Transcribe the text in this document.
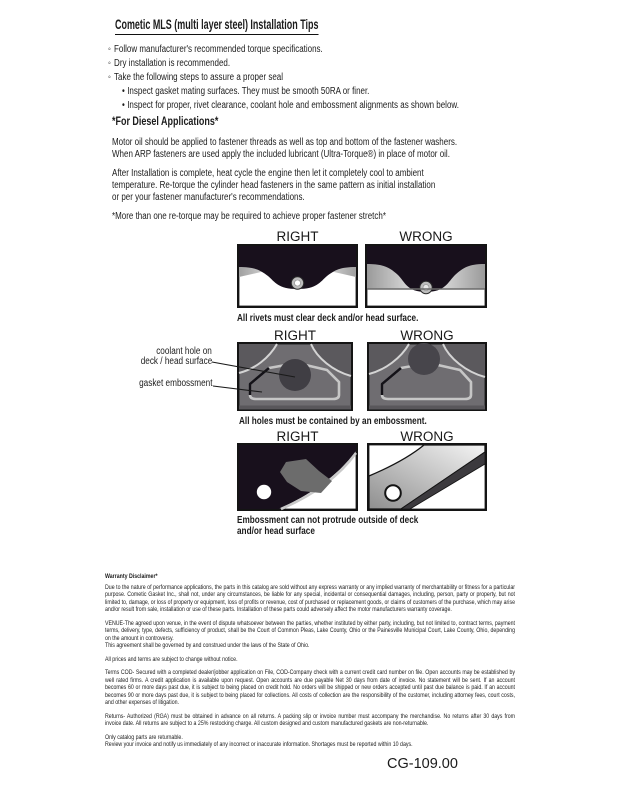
Cometic MLS (multi layer steel) Installation Tips
◦ Follow manufacturer's recommended torque specifications.
◦ Dry installation is recommended.
◦ Take the following steps to assure a proper seal
• Inspect gasket mating surfaces. They must be smooth 50RA or finer.
• Inspect for proper, rivet clearance, coolant hole and embossment alignments as shown below.
*For Diesel Applications*
Motor oil should be applied to fastener threads as well as top and bottom of the fastener washers.
When ARP fasteners are used apply the included lubricant (Ultra-Torque®) in place of motor oil.
After Installation is complete, heat cycle the engine then let it completely cool to ambient
temperature. Re-torque the cylinder head fasteners in the same pattern as initial installation
or per your fastener manufacturer's recommendations.
*More than one re-torque may be required to achieve proper fastener stretch*
RIGHT	WRONG
All rivets must clear deck and/or head surface.
RIGHT	WRONG
coolant hole on
deck / head surface
gasket embossment
All holes must be contained by an embossment.
RIGHT	WRONG
Embossment can not protrude outside of deck
and/or head surface
Warranty Disclaimer*

Due to the nature of performance applications, the parts in this catalog are sold without any express warranty or any implied warranty of merchantability or fitness for a particular purpose. Cometic Gasket Inc., shall not, under any circumstances, be liable for any special, incidental or consequential damages, including, person, party or property, but not limited to, damage, or loss of property or equipment, loss of profits or revenue, cost of purchased or replacement goods, or claims of customers of the purchase, which may arise and/or result from sale, installation or use of these parts. Installation of these parts could adversely affect the motor manufacturers warranty coverage.

VENUE-The agreed upon venue, in the event of dispute whatsoever between the parties, whether instituted by either party, including, but not limited to, contract terms, payment terms, delivery, type, defects, sufficiency of product, shall be the Court of Common Pleas, Lake County, Ohio or the Painesville Municipal Court, Lake County, Ohio, depending on the amount in controversy.
This agreement shall be governed by and construed under the laws of the State of Ohio.
All prices and terms are subject to change without notice.

Terms COD- Secured with a completed dealer/jobber application on File, COD-Company check with a current credit card number on file. Open accounts may be established by well rated firms. A credit application is available upon request. Open accounts are due payable Net 30 days from date of invoice. No statement will be sent. If an account becomes 60 or more days past due, it is subject to being placed on credit hold. No orders will be shipped or new orders accepted until past due balance is paid. If an account becomes 90 or more days past due, it is subject to being placed for collections. All costs of collection are the responsibility of the customer, including attorney fees, court costs, and other expenses of litigation.

Returns- Authorized (RGA) must be obtained in advance on all returns. A packing slip or invoice number must accompany the merchandise. No returns after 30 days from invoice date. All returns are subject to a 25% restocking charge. All custom designed and custom manufactured gaskets are non-returnable.

Only catalog parts are returnable.
Review your invoice and notify us immediately of any incorrect or inaccurate information. Shortages must be reported within 10 days.
CG-109.00
